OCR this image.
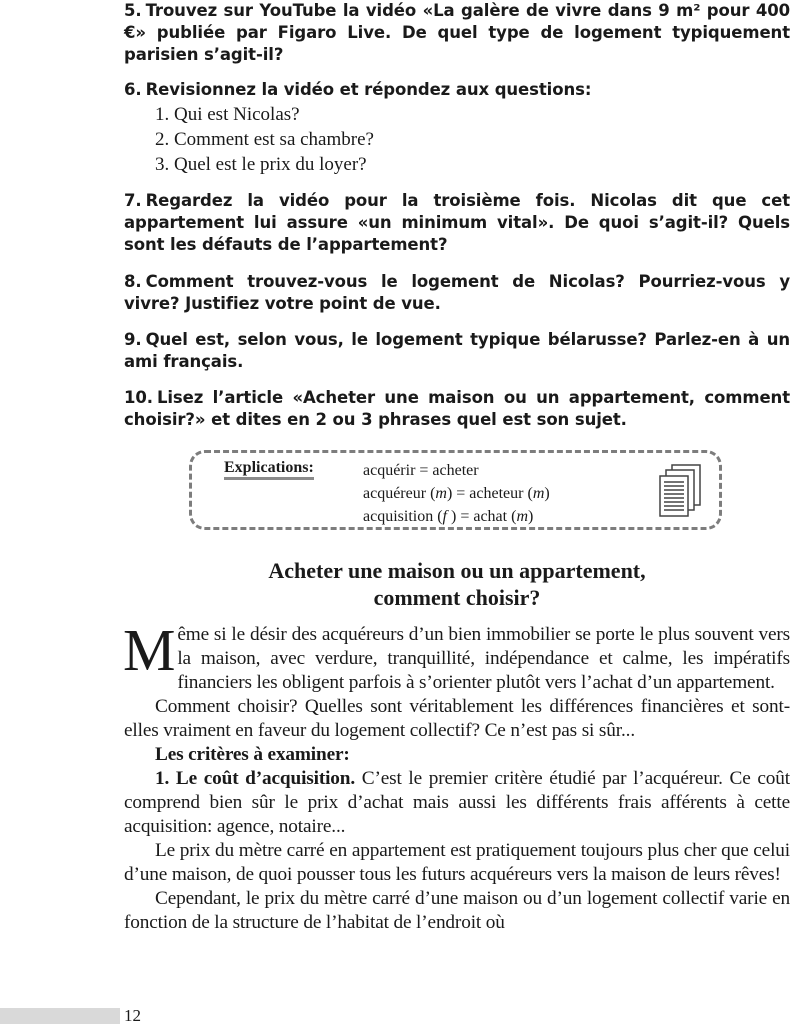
5. Trouvez sur YouTube la vidéo «La galère de vivre dans 9 m² pour 400 €» publiée par Figaro Live. De quel type de logement typiquement parisien s’agit-il?
6. Revisionnez la vidéo et répondez aux questions:
1. Qui est Nicolas?
2. Comment est sa chambre?
3. Quel est le prix du loyer?
7. Regardez la vidéo pour la troisième fois. Nicolas dit que cet appartement lui assure «un minimum vital». De quoi s’agit-il? Quels sont les défauts de l’appartement?
8. Comment trouvez-vous le logement de Nicolas? Pourriez-vous y vivre? Justifiez votre point de vue.
9. Quel est, selon vous, le logement typique bélarusse? Parlez-en à un ami français.
10. Lisez l’article «Acheter une maison ou un appartement, comment choisir?» et dites en 2 ou 3 phrases quel est son sujet.
Explications:	acquérir = acheter
acquéreur (m) = acheteur (m)
acquisition (f ) = achat (m)
Acheter une maison ou un appartement,
comment choisir?

Même si le désir des acquéreurs d’un bien immobilier se porte le plus souvent vers la maison, avec verdure, tranquillité, indépendance et calme, les impératifs financiers les obligent parfois à s’orienter plutôt vers l’achat d’un appartement.

Comment choisir? Quelles sont véritablement les différences financières et sont-elles vraiment en faveur du logement collectif? Ce n’est pas si sûr...

Les critères à examiner:

1. Le coût d’acquisition. C’est le premier critère étudié par l’acquéreur. Ce coût comprend bien sûr le prix d’achat mais aussi les différents frais afférents à cette acquisition: agence, notaire...

Le prix du mètre carré en appartement est pratiquement toujours plus cher que celui d’une maison, de quoi pousser tous les futurs acquéreurs vers la maison de leurs rêves!

Cependant, le prix du mètre carré d’une maison ou d’un logement collectif varie en fonction de la structure de l’habitat de l’endroit où

12
